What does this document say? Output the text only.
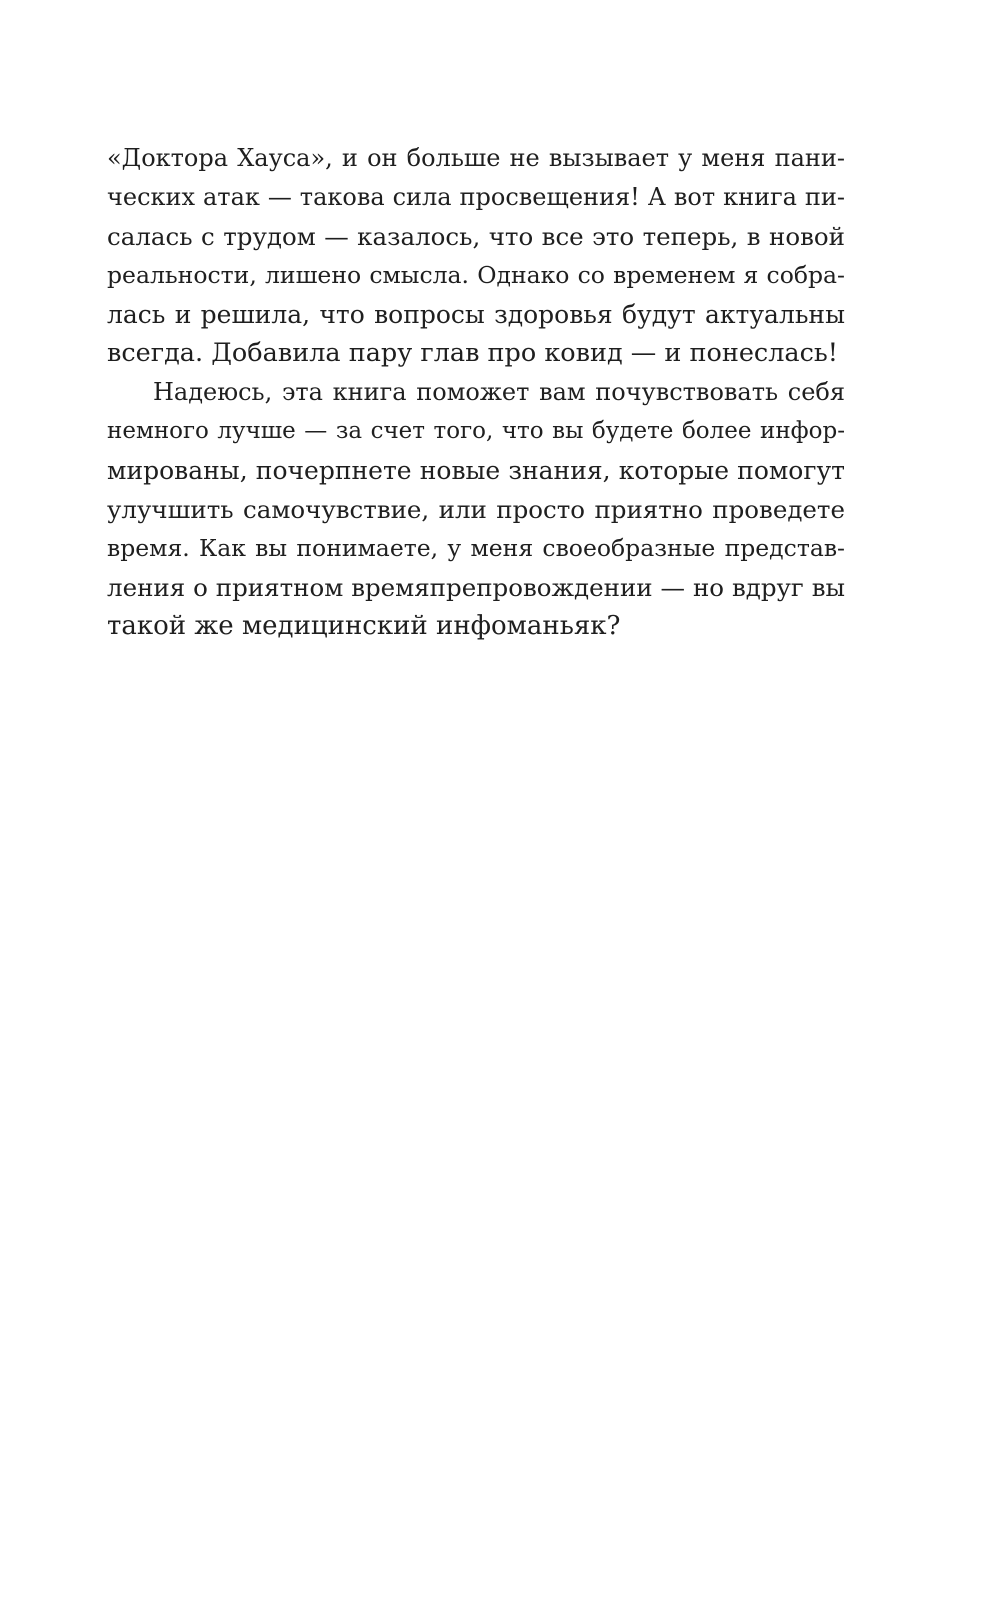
«Доктора Хауса», и он больше не вызывает у меня пани-
ческих атак — такова сила просвещения! А вот книга пи-
салась с трудом — казалось, что все это теперь, в новой
реальности, лишено смысла. Однако со временем я собра-
лась и решила, что вопросы здоровья будут актуальны
всегда. Добавила пару глав про ковид — и понеслась!
Надеюсь, эта книга поможет вам почувствовать себя
немного лучше — за счет того, что вы будете более инфор-
мированы, почерпнете новые знания, которые помогут
улучшить самочувствие, или просто приятно проведете
время. Как вы понимаете, у меня своеобразные представ-
ления о приятном времяпрепровождении — но вдруг вы
такой же медицинский инфоманьяк?
